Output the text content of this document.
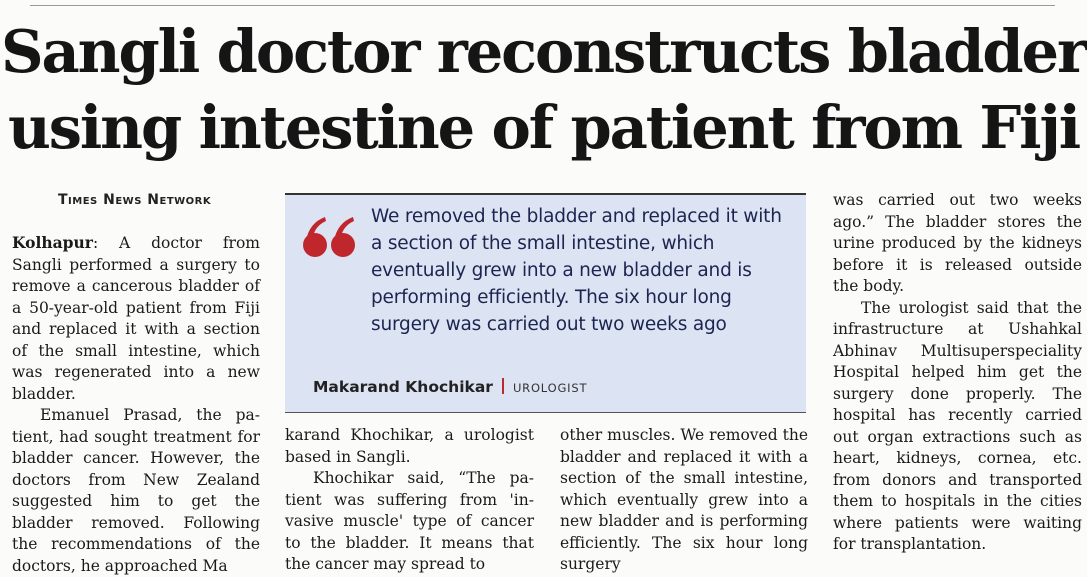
Sangli doctor reconstructs bladder
using intestine of patient from Fiji
Times News Network

Kolhapur: A doctor from Sangli performed a surgery to remove a cancerous bladder of a 50-year-old patient from Fiji and replaced it with a section of the small intestine, which was regenerated into a new bladder.

Emanuel Prasad, the patient, had sought treatment for bladder cancer. However, the doctors from New Zealand suggested him to get the bladder removed. Following the recommendations of the doctors, he approached Ma

We removed the bladder and replaced it with a section of the small intestine, which eventually grew into a new bladder and is performing efficiently. The six hour long surgery was carried out two weeks ago

Makarand Khochikar UROLOGIST

karand Khochikar, a urologist based in Sangli.

Khochikar said, “The patient was suffering from 'invasive muscle' type of cancer to the bladder. It means that the cancer may spread to

other muscles. We removed the bladder and replaced it with a section of the small intestine, which eventually grew into a new bladder and is performing efficiently. The six hour long surgery

was carried out two weeks ago.” The bladder stores the urine produced by the kidneys before it is released outside the body.

The urologist said that the infrastructure at Ushahkal Abhinav Multisuperspeciality Hospital helped him get the surgery done properly. The hospital has recently carried out organ extractions such as heart, kidneys, cornea, etc. from donors and transported them to hospitals in the cities where patients were waiting for transplantation.
